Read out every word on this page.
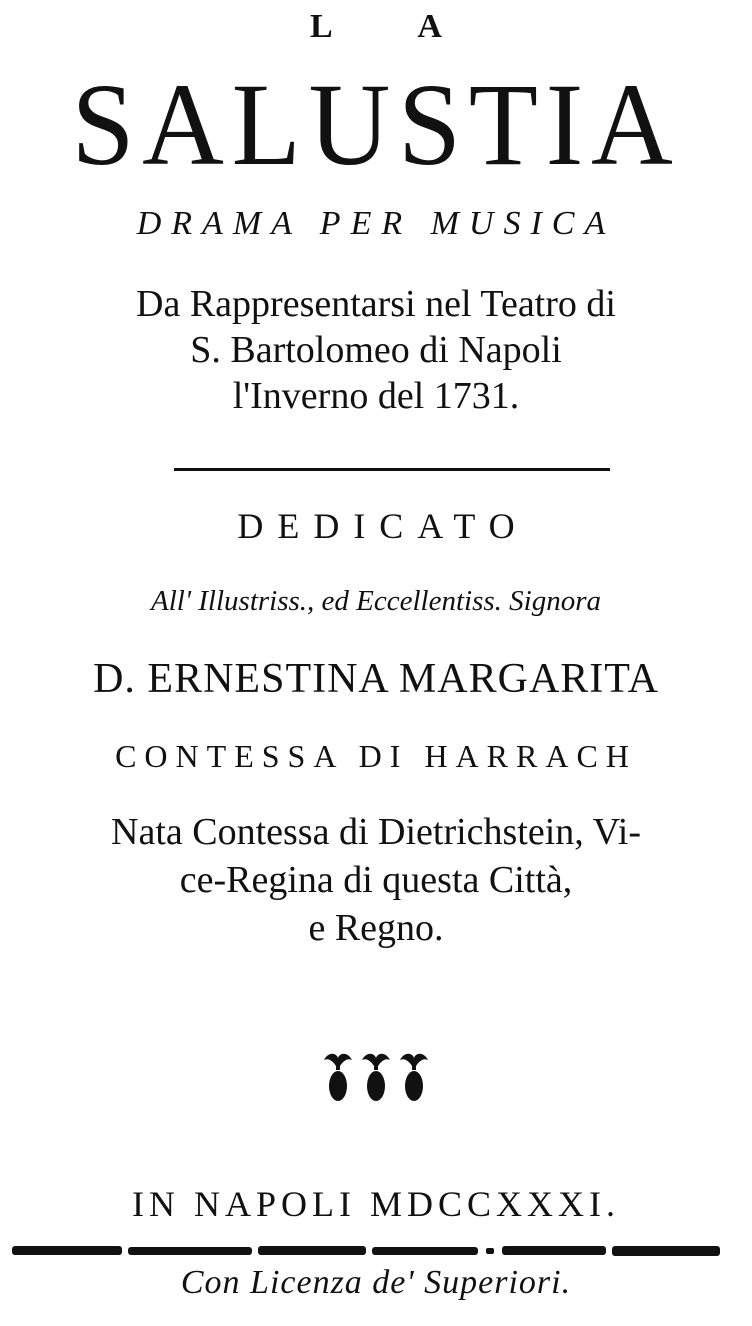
L A
SALUSTIA
DRAMA PER MUSICA
Da Rappresentarsi nel Teatro di
S. Bartolomeo di Napoli
l'Inverno del 1731.
DEDICATO
All' Illustriss., ed Eccellentiss. Signora
D. ERNESTINA MARGARITA
CONTESSA DI HARRACH
Nata Contessa di Dietrichstein, Vi-
ce-Regina di questa Città,
e Regno.
IN NAPOLI MDCCXXXI.
Con Licenza de' Superiori.
